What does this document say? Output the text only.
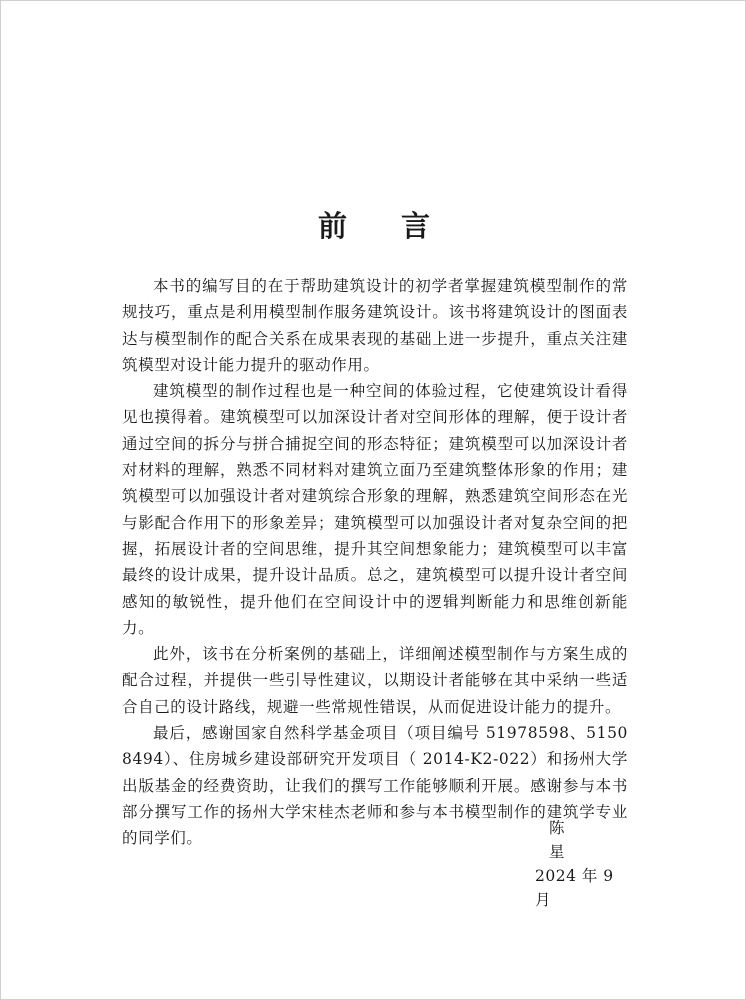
前 言

本书的编写目的在于帮助建筑设计的初学者掌握建筑模型制作的常规技巧，重点是利用模型制作服务建筑设计。该书将建筑设计的图面表达与模型制作的配合关系在成果表现的基础上进一步提升，重点关注建筑模型对设计能力提升的驱动作用。

建筑模型的制作过程也是一种空间的体验过程，它使建筑设计看得见也摸得着。建筑模型可以加深设计者对空间形体的理解，便于设计者通过空间的拆分与拼合捕捉空间的形态特征；建筑模型可以加深设计者对材料的理解，熟悉不同材料对建筑立面乃至建筑整体形象的作用；建筑模型可以加强设计者对建筑综合形象的理解，熟悉建筑空间形态在光与影配合作用下的形象差异；建筑模型可以加强设计者对复杂空间的把握，拓展设计者的空间思维，提升其空间想象能力；建筑模型可以丰富最终的设计成果，提升设计品质。总之，建筑模型可以提升设计者空间感知的敏锐性，提升他们在空间设计中的逻辑判断能力和思维创新能力。

此外，该书在分析案例的基础上，详细阐述模型制作与方案生成的配合过程，并提供一些引导性建议，以期设计者能够在其中采纳一些适合自己的设计路线，规避一些常规性错误，从而促进设计能力的提升。

最后，感谢国家自然科学基金项目（项目编号 51978598、51508494）、住房城乡建设部研究开发项目（ 2014-K2-022）和扬州大学出版基金的经费资助，让我们的撰写工作能够顺利开展。感谢参与本书部分撰写工作的扬州大学宋桂杰老师和参与本书模型制作的建筑学专业的同学们。

陈 星
2024 年 9 月
